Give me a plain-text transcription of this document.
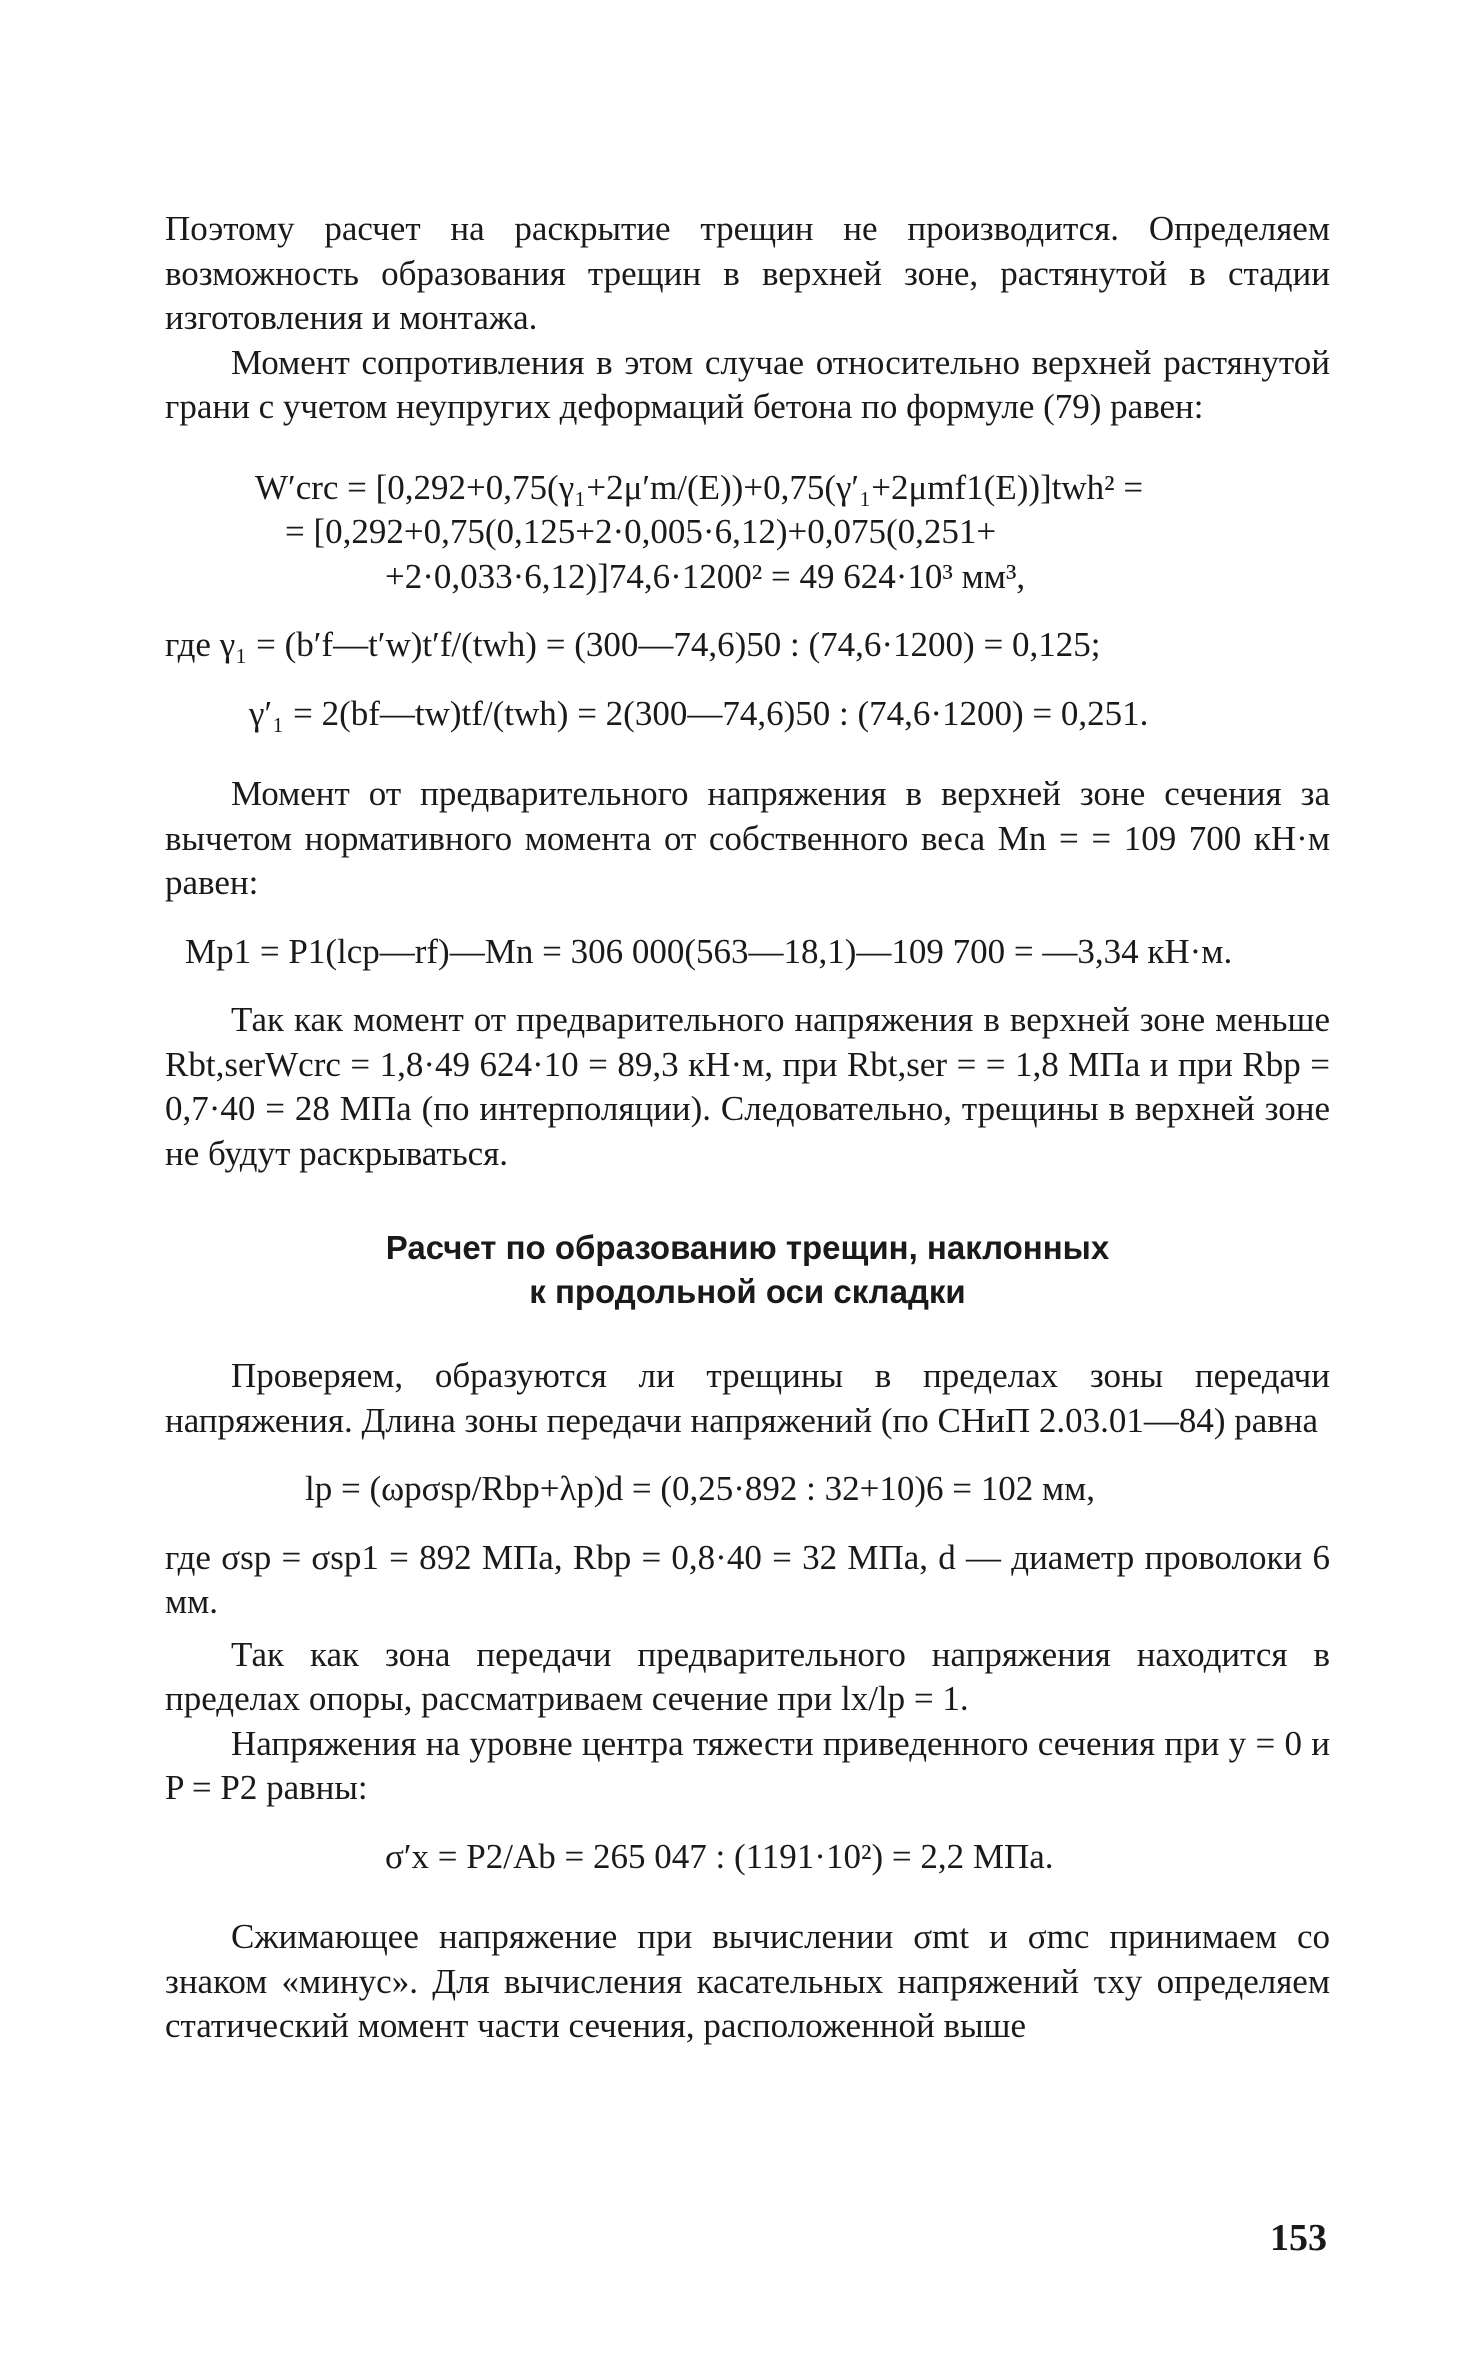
Поэтому расчет на раскрытие трещин не производится. Определяем возможность образования трещин в верхней зоне, растянутой в стадии изготовления и монтажа.

Момент сопротивления в этом случае относительно верхней растянутой грани с учетом неупругих деформаций бетона по формуле (79) равен:

W′crc = [0,292+0,75(γ₁+2μ′m/(E))+0,75(γ′₁+2μmf1(E))]twh² =

= [0,292+0,75(0,125+2·0,005·6,12)+0,075(0,251+

+2·0,033·6,12)]74,6·1200² = 49 624·10³ мм³,

где γ₁ = (b′f—t′w)t′f/(twh) = (300—74,6)50 : (74,6·1200) = 0,125;

γ′₁ = 2(bf—tw)tf/(twh) = 2(300—74,6)50 : (74,6·1200) = 0,251.

Момент от предварительного напряжения в верхней зоне сечения за вычетом нормативного момента от собственного веса Mn = = 109 700 кН·м равен:

Mp1 = P1(lcp—rf)—Mn = 306 000(563—18,1)—109 700 = —3,34 кН·м.

Так как момент от предварительного напряжения в верхней зоне меньше Rbt,serWcrc = 1,8·49 624·10 = 89,3 кН·м, при Rbt,ser = = 1,8 МПа и при Rbp = 0,7·40 = 28 МПа (по интерполяции). Следовательно, трещины в верхней зоне не будут раскрываться.

Расчет по образованию трещин, наклонных

к продольной оси складки

Проверяем, образуются ли трещины в пределах зоны передачи напряжения. Длина зоны передачи напряжений (по СНиП 2.03.01—84) равна

lp = (ωpσsp/Rbp+λp)d = (0,25·892 : 32+10)6 = 102 мм,

где σsp = σsp1 = 892 МПа, Rbp = 0,8·40 = 32 МПа, d — диаметр проволоки 6 мм.

Так как зона передачи предварительного напряжения находится в пределах опоры, рассматриваем сечение при lx/lp = 1.

Напряжения на уровне центра тяжести приведенного сечения при y = 0 и P = P2 равны:

σ′x = P2/Ab = 265 047 : (1191·10²) = 2,2 МПа.

Сжимающее напряжение при вычислении σmt и σmc принимаем со знаком «минус». Для вычисления касательных напряжений τxy определяем статический момент части сечения, расположенной выше

153
